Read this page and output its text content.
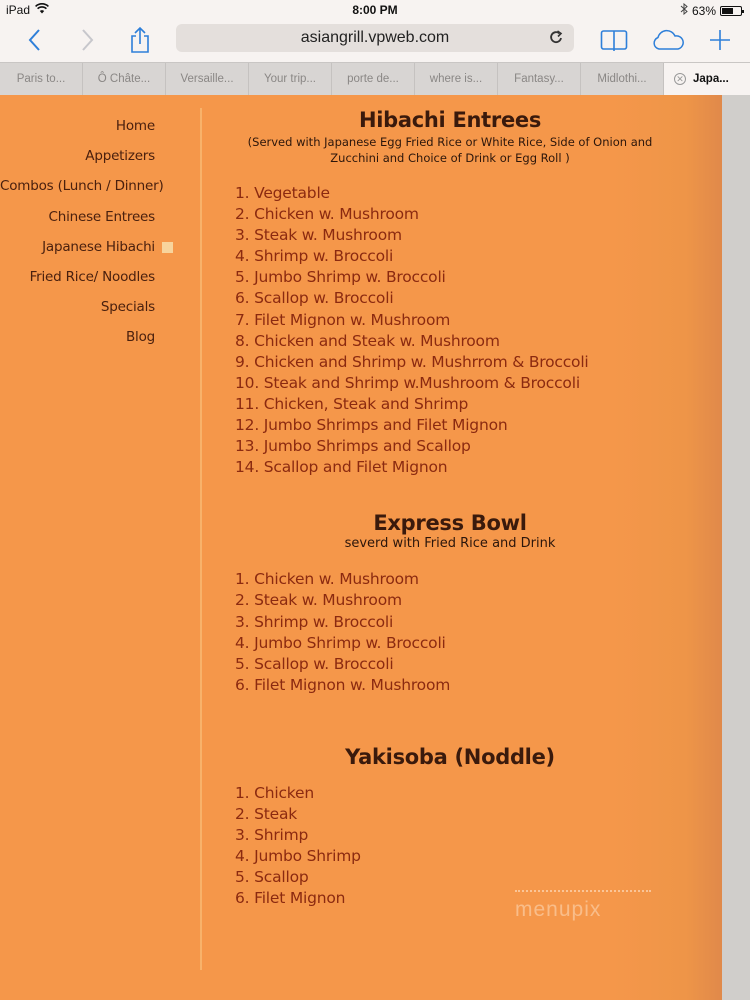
iPad	8:00 PM	63%
asiangrill.vpweb.com
Paris to...	Ô Châte...	Versaille...	Your trip...	porte de...	where is...	Fantasy...	Midlothi...	✕ Japa...
Home
Appetizers
Combos (Lunch / Dinner)
Chinese Entrees
Japanese Hibachi
Fried Rice/ Noodles
Specials
Blog
Hibachi Entrees
(Served with Japanese Egg Fried Rice or White Rice, Side of Onion and
Zucchini and Choice of Drink or Egg Roll )
1. Vegetable
2. Chicken w. Mushroom
3. Steak w. Mushroom
4. Shrimp w. Broccoli
5. Jumbo Shrimp w. Broccoli
6. Scallop w. Broccoli
7. Filet Mignon w. Mushroom
8. Chicken and Steak w. Mushroom
9. Chicken and Shrimp w. Mushrrom & Broccoli
10. Steak and Shrimp w.Mushroom & Broccoli
11. Chicken, Steak and Shrimp
12. Jumbo Shrimps and Filet Mignon
13. Jumbo Shrimps and Scallop
14. Scallop and Filet Mignon
Express Bowl
severd with Fried Rice and Drink
1. Chicken w. Mushroom
2. Steak w. Mushroom
3. Shrimp w. Broccoli
4. Jumbo Shrimp w. Broccoli
5. Scallop w. Broccoli
6. Filet Mignon w. Mushroom
Yakisoba (Noddle)
1. Chicken
2. Steak
3. Shrimp
4. Jumbo Shrimp
5. Scallop
6. Filet Mignon	menupix
